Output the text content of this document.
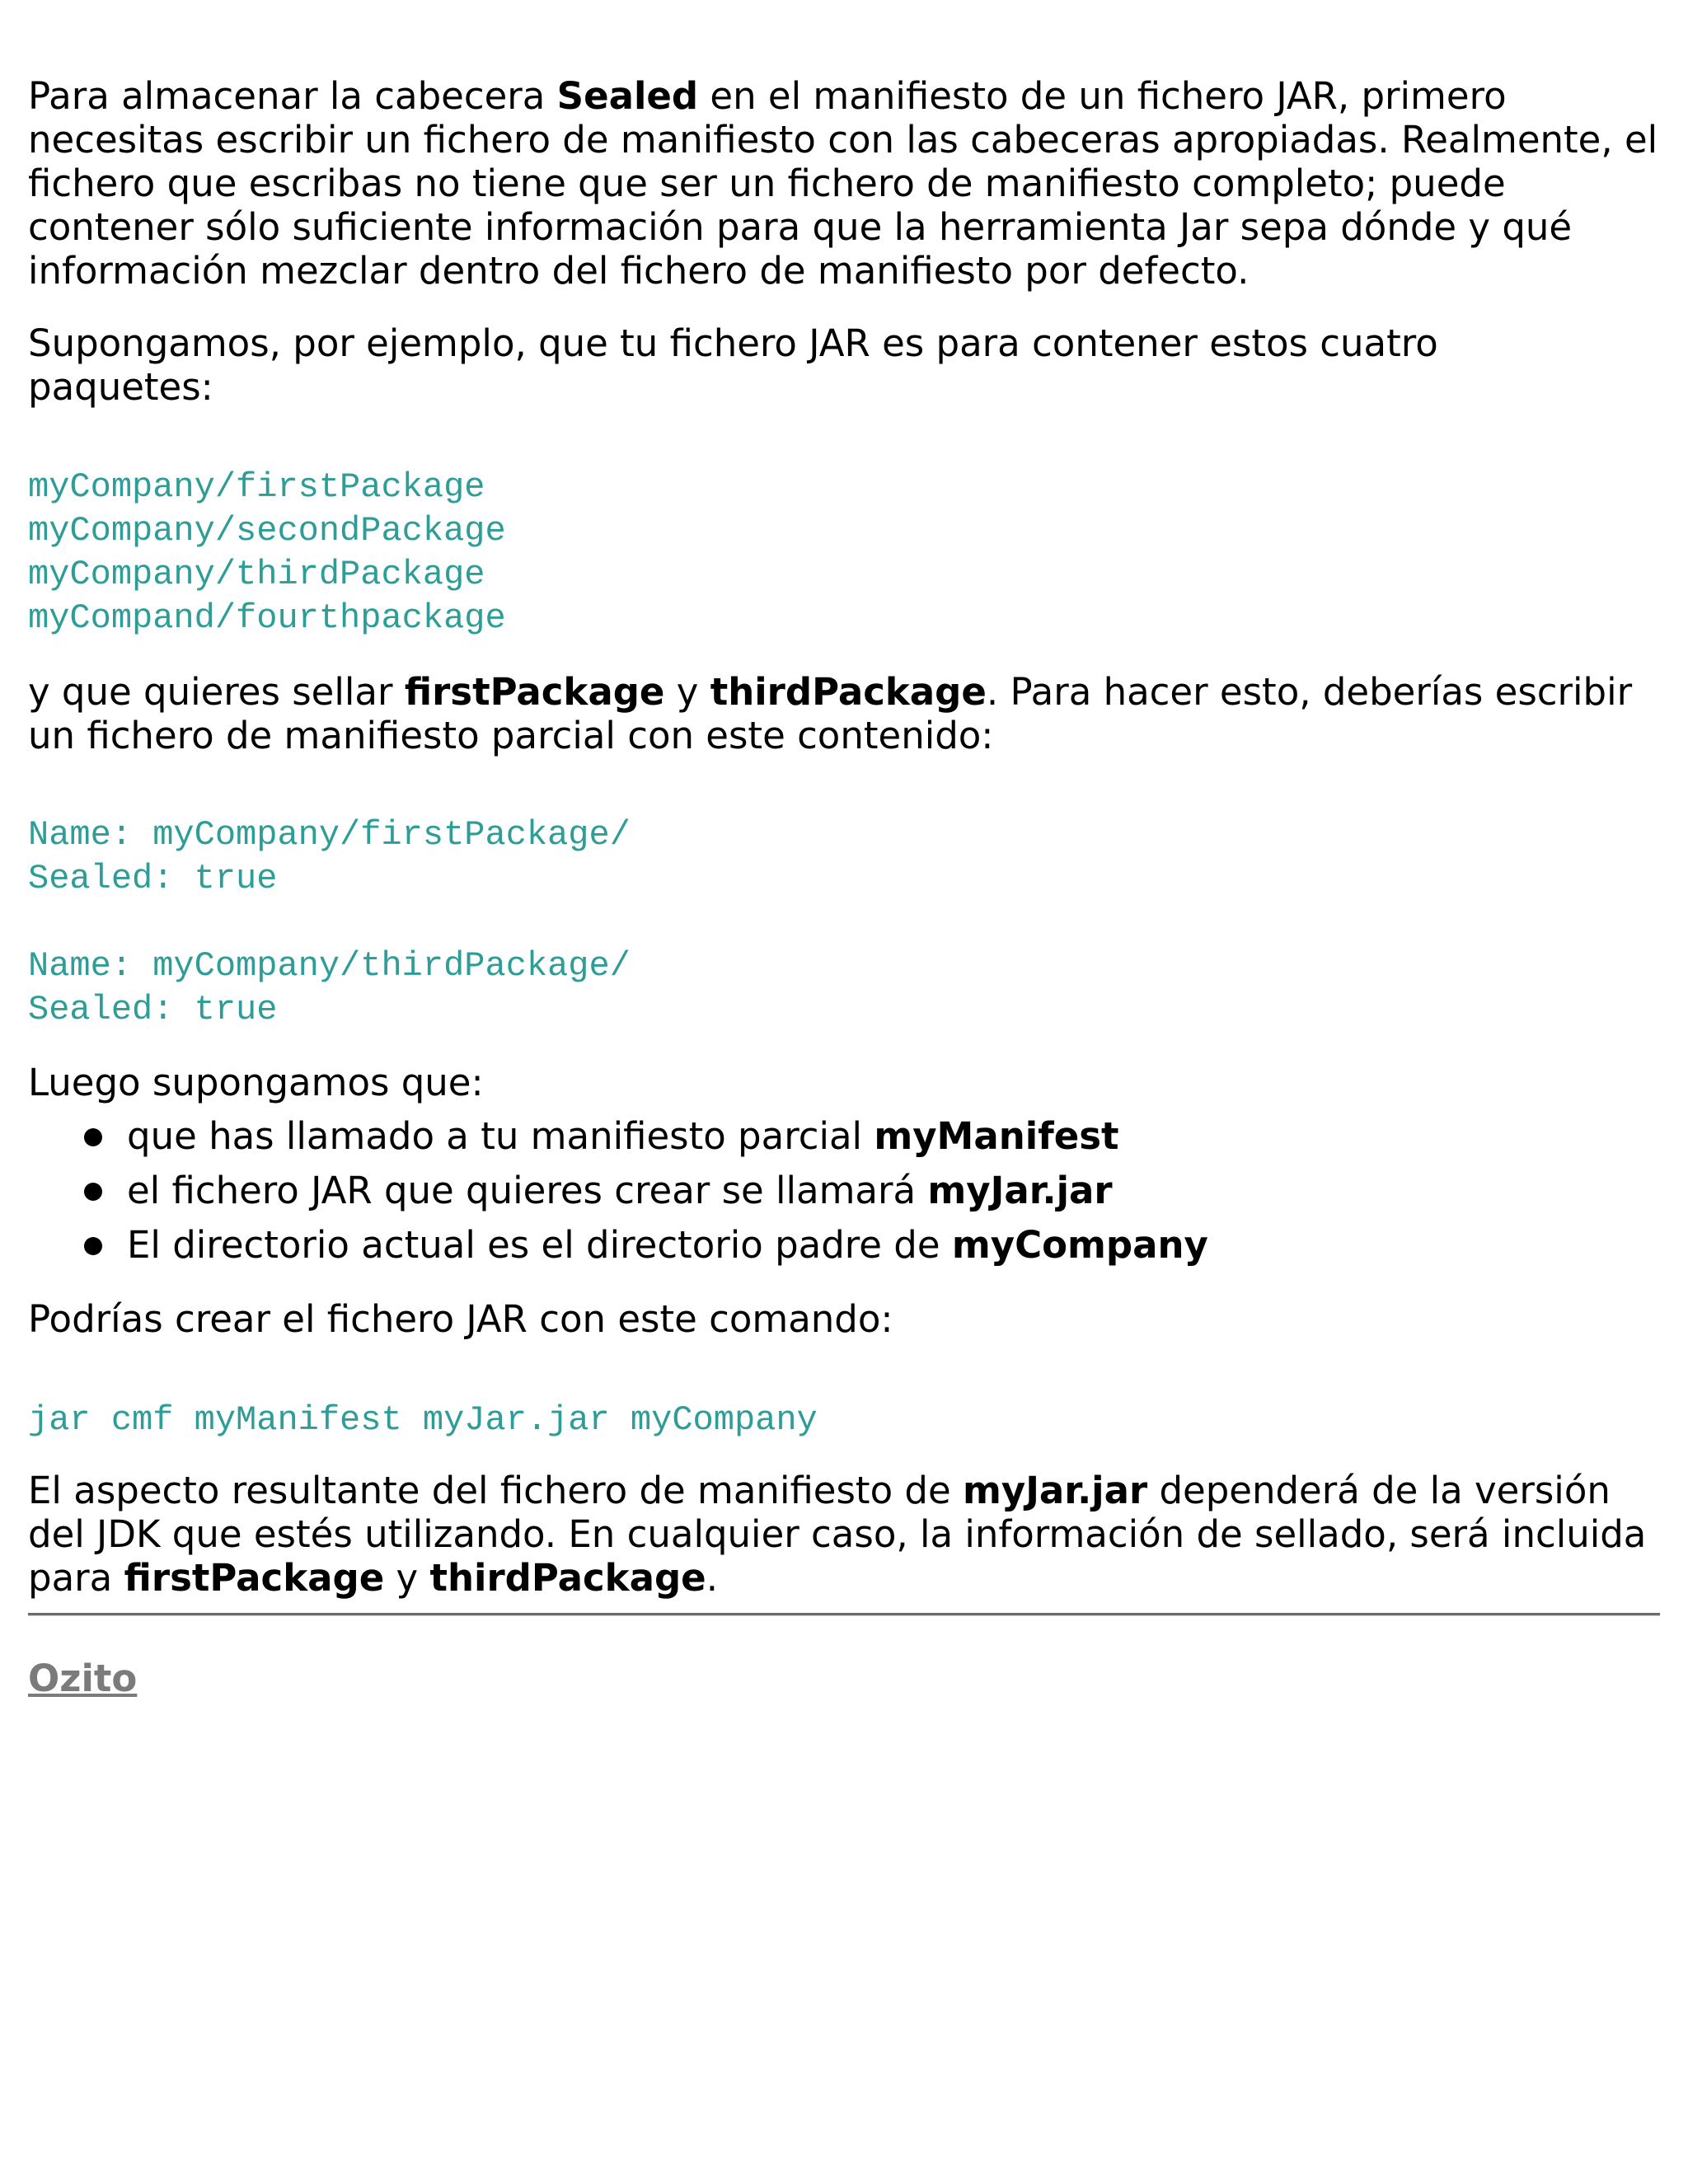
Para almacenar la cabecera Sealed en el manifiesto de un fichero JAR, primero necesitas escribir un fichero de manifiesto con las cabeceras apropiadas. Realmente, el fichero que escribas no tiene que ser un fichero de manifiesto completo; puede contener sólo suficiente información para que la herramienta Jar sepa dónde y qué información mezclar dentro del fichero de manifiesto por defecto.

Supongamos, por ejemplo, que tu fichero JAR es para contener estos cuatro paquetes:

myCompany/firstPackage
myCompany/secondPackage
myCompany/thirdPackage
myCompand/fourthpackage

y que quieres sellar firstPackage y thirdPackage. Para hacer esto, deberías escribir un fichero de manifiesto parcial con este contenido:

Name: myCompany/firstPackage/
Sealed: true
Name: myCompany/thirdPackage/
Sealed: true

Luego supongamos que:

que has llamado a tu manifiesto parcial myManifest
el fichero JAR que quieres crear se llamará myJar.jar
El directorio actual es el directorio padre de myCompany

Podrías crear el fichero JAR con este comando:

jar cmf myManifest myJar.jar myCompany

El aspecto resultante del fichero de manifiesto de myJar.jar dependerá de la versión del JDK que estés utilizando. En cualquier caso, la información de sellado, será incluida para firstPackage y thirdPackage.

Ozito
